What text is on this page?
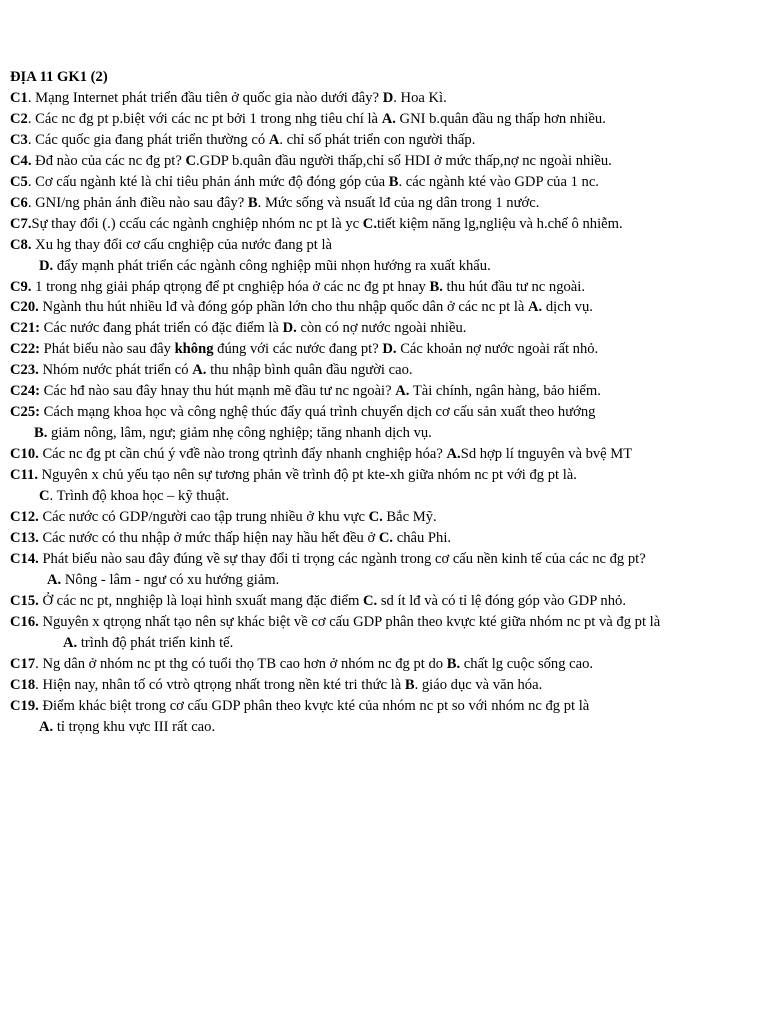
ĐỊA 11 GK1 (2)
C1. Mạng Internet phát triển đầu tiên ở quốc gia nào dưới đây? D. Hoa Kì.
C2. Các nc đg pt p.biệt với các nc pt bởi 1 trong nhg tiêu chí là A. GNI b.quân đầu ng thấp hơn nhiều.
C3. Các quốc gia đang phát triển thường có A. chỉ số phát triển con người thấp.
C4. Đđ nào của các nc đg pt? C.GDP b.quân đầu người thấp,chỉ số HDI ở mức thấp,nợ nc ngoài nhiều.
C5. Cơ cấu ngành kté là chỉ tiêu phản ánh mức độ đóng góp của B. các ngành kté vào GDP của 1 nc.
C6. GNI/ng phản ánh điều nào sau đây? B. Mức sống và nsuất lđ của ng dân trong 1 nước.
C7.Sự thay đổi (.) ccấu các ngành cnghiệp nhóm nc pt là yc C.tiết kiệm năng lg,ngliệu và h.chế ô nhiễm.
C8. Xu hg thay đổi cơ cấu cnghiệp của nước đang pt là
D. đẩy mạnh phát triển các ngành công nghiệp mũi nhọn hướng ra xuất khẩu.
C9. 1 trong nhg giải pháp qtrọng để pt cnghiệp hóa ở các nc đg pt hnay B. thu hút đầu tư nc ngoài.
C20. Ngành thu hút nhiều lđ và đóng góp phần lớn cho thu nhập quốc dân ở các nc pt là A. dịch vụ.
C21: Các nước đang phát triển có đặc điểm là D. còn có nợ nước ngoài nhiều.
C22: Phát biểu nào sau đây không đúng với các nước đang pt? D. Các khoản nợ nước ngoài rất nhỏ.
C23. Nhóm nước phát triển có A. thu nhập bình quân đầu người cao.
C24: Các hđ nào sau đây hnay thu hút mạnh mẽ đầu tư nc ngoài? A. Tài chính, ngân hàng, bảo hiểm.
C25: Cách mạng khoa học và công nghệ thúc đẩy quá trình chuyển dịch cơ cấu sản xuất theo hướng
B. giảm nông, lâm, ngư; giảm nhẹ công nghiệp; tăng nhanh dịch vụ.
C10. Các nc đg pt cần chú ý vđề nào trong qtrình đẩy nhanh cnghiệp hóa? A.Sd hợp lí tnguyên và bvệ MT
C11. Nguyên x chủ yếu tạo nên sự tương phản về trình độ pt kte-xh giữa nhóm nc pt với đg pt là.
C. Trình độ khoa học – kỹ thuật.
C12. Các nước có GDP/người cao tập trung nhiều ở khu vực C. Bắc Mỹ.
C13. Các nước có thu nhập ở mức thấp hiện nay hầu hết đều ở C. châu Phi.
C14. Phát biểu nào sau đây đúng về sự thay đổi tỉ trọng các ngành trong cơ cấu nền kinh tế của các nc đg pt?
A. Nông - lâm - ngư có xu hướng giảm.
C15. Ở các nc pt, nnghiệp là loại hình sxuất mang đặc điểm C. sd ít lđ và có tỉ lệ đóng góp vào GDP nhỏ.
C16. Nguyên x qtrọng nhất tạo nên sự khác biệt về cơ cấu GDP phân theo kvực kté giữa nhóm nc pt và đg pt là
A. trình độ phát triển kinh tế.
C17. Ng dân ở nhóm nc pt thg có tuổi thọ TB cao hơn ở nhóm nc đg pt do B. chất lg cuộc sống cao.
C18. Hiện nay, nhân tố có vtrò qtrọng nhất trong nền kté tri thức là B. giáo dục và văn hóa.
C19. Điểm khác biệt trong cơ cấu GDP phân theo kvực kté của nhóm nc pt so với nhóm nc đg pt là
A. tỉ trọng khu vực III rất cao.
